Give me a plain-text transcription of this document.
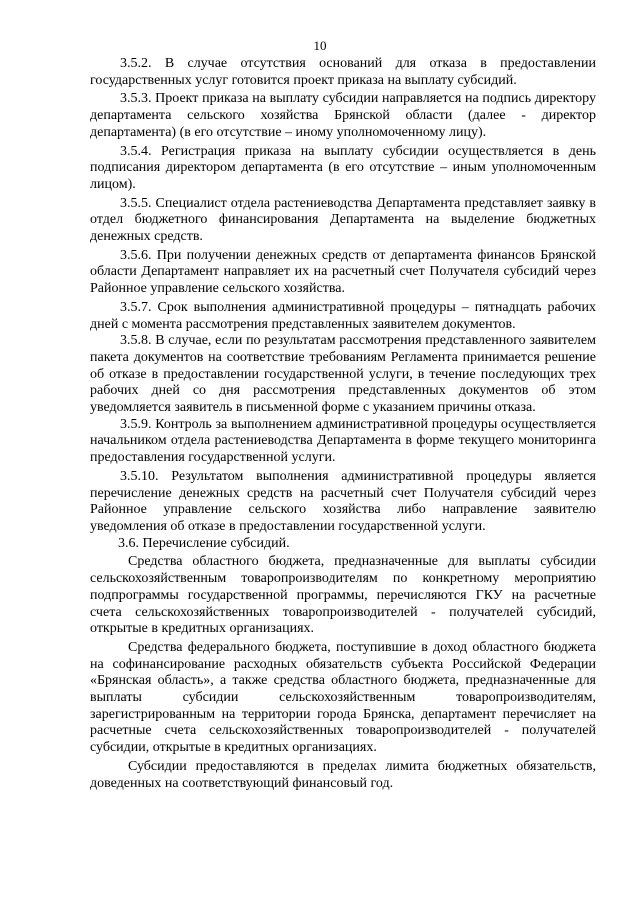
10

3.5.2. В случае отсутствия оснований для отказа в предоставлении государственных услуг готовится проект приказа на выплату субсидий.

3.5.3. Проект приказа на выплату субсидии направляется на подпись директору департамента сельского хозяйства Брянской области (далее - директор департамента) (в его отсутствие – иному уполномоченному лицу).

3.5.4. Регистрация приказа на выплату субсидии осуществляется в день подписания директором департамента (в его отсутствие – иным уполномоченным лицом).

3.5.5. Специалист отдела растениеводства Департамента представляет заявку в отдел бюджетного финансирования Департамента на выделение бюджетных денежных средств.

3.5.6. При получении денежных средств от департамента финансов Брянской области Департамент направляет их на расчетный счет Получателя субсидий через Районное управление сельского хозяйства.

3.5.7. Срок выполнения административной процедуры – пятнадцать рабочих дней с момента рассмотрения представленных заявителем документов.

3.5.8. В случае, если по результатам рассмотрения представленного заявителем пакета документов на соответствие требованиям Регламента принимается решение об отказе в предоставлении государственной услуги, в течение последующих трех рабочих дней со дня рассмотрения представленных документов об этом уведомляется заявитель в письменной форме с указанием причины отказа.

3.5.9. Контроль за выполнением административной процедуры осуществляется начальником отдела растениеводства Департамента в форме текущего мониторинга предоставления государственной услуги.

3.5.10. Результатом выполнения административной процедуры является перечисление денежных средств на расчетный счет Получателя субсидий через Районное управление сельского хозяйства либо направление заявителю уведомления об отказе в предоставлении государственной услуги.

3.6. Перечисление субсидий.

Средства областного бюджета, предназначенные для выплаты субсидии сельскохозяйственным товаропроизводителям по конкретному мероприятию подпрограммы государственной программы, перечисляются ГКУ на расчетные счета сельскохозяйственных товаропроизводителей - получателей субсидий, открытые в кредитных организациях.

Средства федерального бюджета, поступившие в доход областного бюджета на софинансирование расходных обязательств субъекта Российской Федерации «Брянская область», а также средства областного бюджета, предназначенные для выплаты субсидии сельскохозяйственным товаропроизводителям, зарегистрированным на территории города Брянска, департамент перечисляет на расчетные счета сельскохозяйственных товаропроизводителей - получателей субсидии, открытые в кредитных организациях.

Субсидии предоставляются в пределах лимита бюджетных обязательств, доведенных на соответствующий финансовый год.
